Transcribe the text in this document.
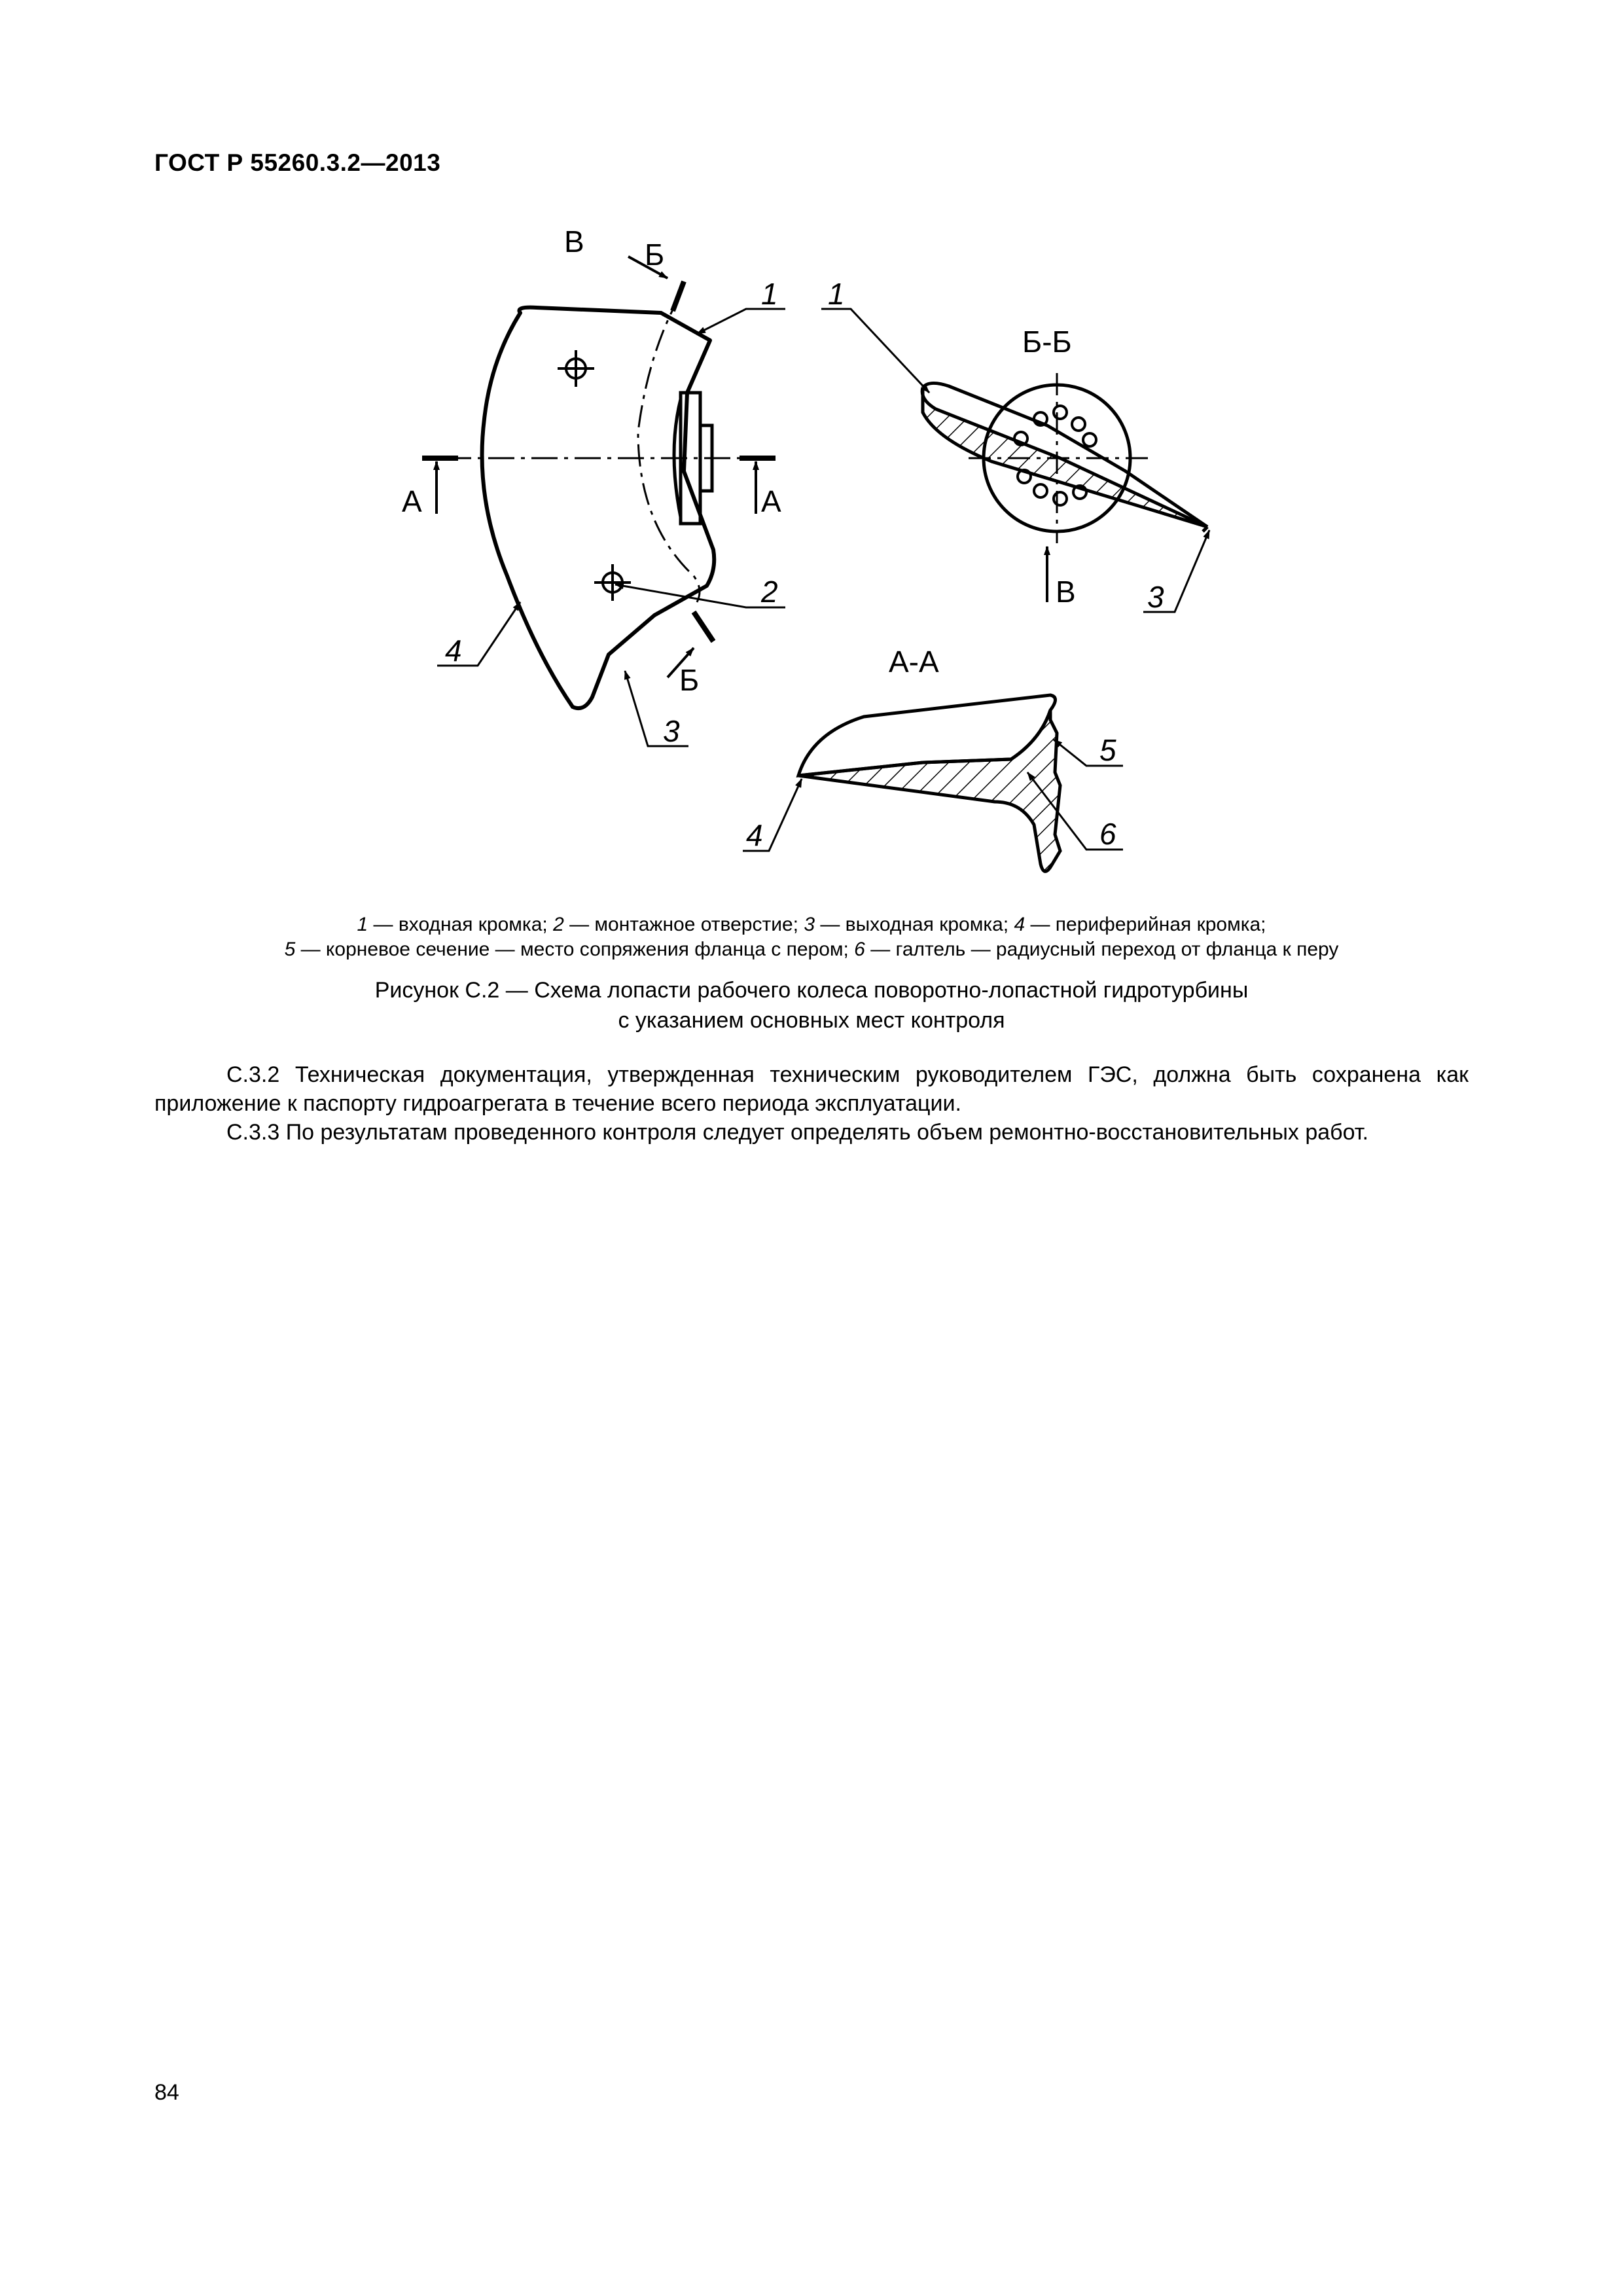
ГОСТ Р 55260.3.2—2013
А	А
Б
Б
В
1
2
4
3
Б-Б
В
1
3
А-А
5
6
4
1 — входная кромка; 2 — монтажное отверстие; 3 — выходная кромка; 4 — периферийная кромка;
5 — корневое сечение — место сопряжения фланца с пером; 6 — галтель — радиусный переход от фланца к перу
Рисунок С.2 — Схема лопасти рабочего колеса поворотно-лопастной гидротурбины
с указанием основных мест контроля
С.3.2 Техническая документация, утвержденная техническим руководителем ГЭС, должна быть сохранена как приложение к паспорту гидроагрегата в течение всего периода эксплуатации.
С.3.3 По результатам проведенного контроля следует определять объем ремонтно-восстановительных работ.
84
